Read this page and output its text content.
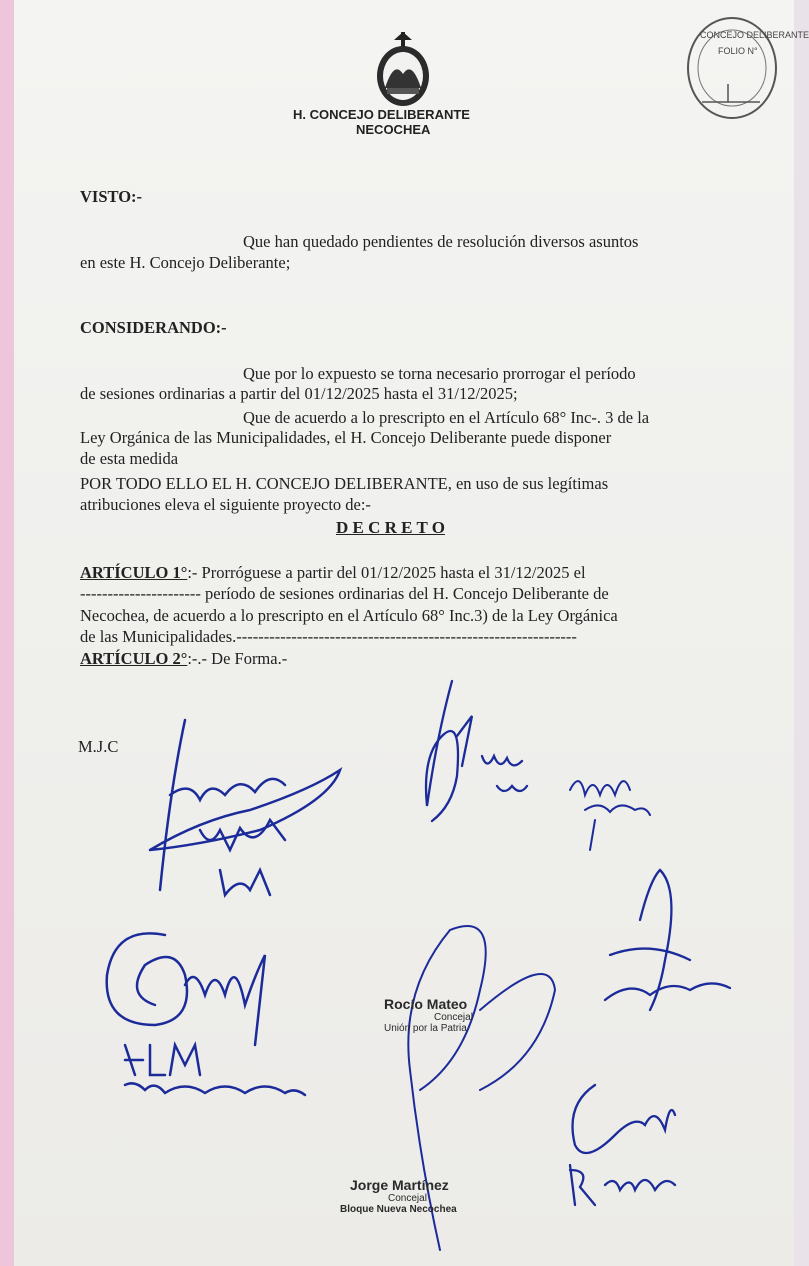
H. CONCEJO DELIBERANTE
NECOCHEA
CONCEJO DELIBERANTE
FOLIO N°
VISTO:-
Que han quedado pendientes de resolución diversos asuntos
en este H. Concejo Deliberante;
CONSIDERANDO:-
Que por lo expuesto se torna necesario prorrogar el período
de sesiones ordinarias a partir del 01/12/2025 hasta el 31/12/2025;
Que de acuerdo a lo prescripto en el Artículo 68° Inc-. 3 de la
Ley Orgánica de las Municipalidades, el H. Concejo Deliberante puede disponer
de esta medida
POR TODO ELLO EL H. CONCEJO DELIBERANTE, en uso de sus legítimas
atribuciones eleva el siguiente proyecto de:-
D E C R E T O
ARTÍCULO 1°:- Prorróguese a partir del 01/12/2025 hasta el 31/12/2025 el
---------------------- período de sesiones ordinarias del H. Concejo Deliberante de
Necochea, de acuerdo a lo prescripto en el Artículo 68° Inc.3) de la Ley Orgánica
de las Municipalidades.--------------------------------------------------------------
ARTÍCULO 2°:-.- De Forma.-
M.J.C
Rocío Mateo
Concejal
Unión por la Patria
Jorge Martínez
Concejal
Bloque Nueva Necochea
